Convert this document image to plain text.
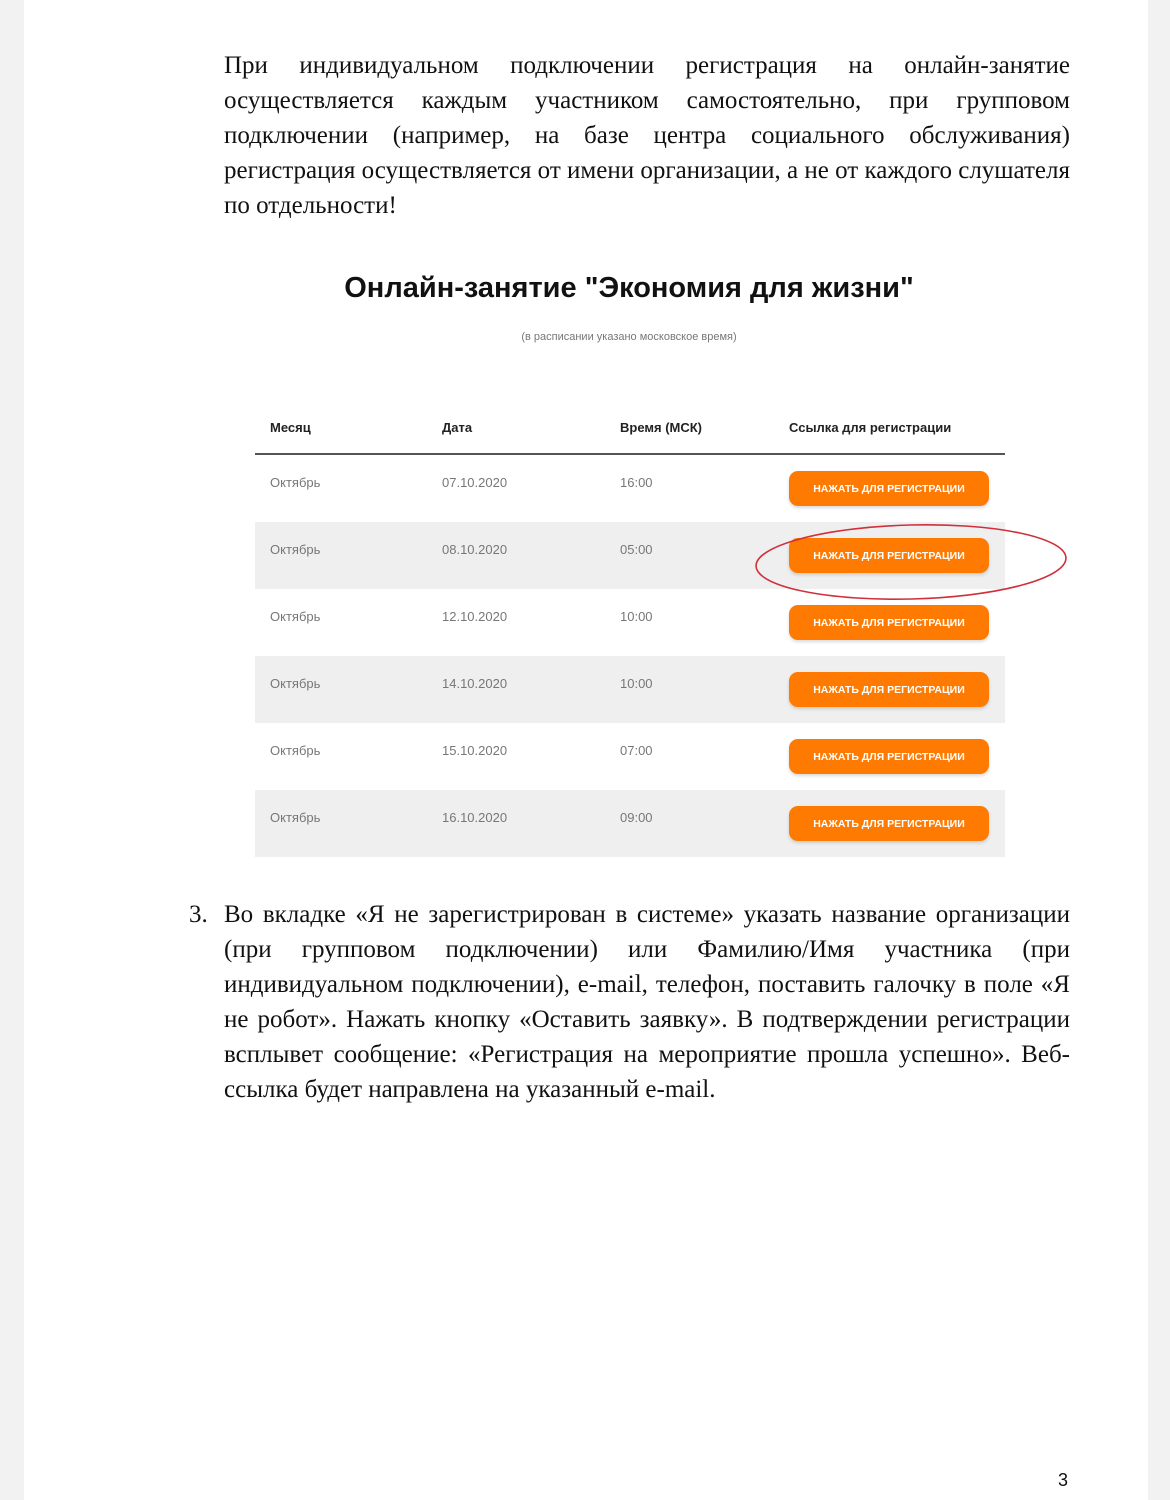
При индивидуальном подключении регистрация на онлайн-занятие осуществляется каждым участником самостоятельно, при групповом подключении (например, на базе центра социального обслуживания) регистрация осуществляется от имени организации, а не от каждого слушателя по отдельности!

Онлайн-занятие "Экономия для жизни"
(в расписании указано московское время)
Месяц	Дата	Время (МСК)	Ссылка для регистрации
Октябрь	07.10.2020	16:00	НАЖАТЬ ДЛЯ РЕГИСТРАЦИИ
Октябрь	08.10.2020	05:00	НАЖАТЬ ДЛЯ РЕГИСТРАЦИИ
Октябрь	12.10.2020	10:00	НАЖАТЬ ДЛЯ РЕГИСТРАЦИИ
Октябрь	14.10.2020	10:00	НАЖАТЬ ДЛЯ РЕГИСТРАЦИИ
Октябрь	15.10.2020	07:00	НАЖАТЬ ДЛЯ РЕГИСТРАЦИИ
Октябрь	16.10.2020	09:00	НАЖАТЬ ДЛЯ РЕГИСТРАЦИИ
3. Во вкладке «Я не зарегистрирован в системе» указать название организации (при групповом подключении) или Фамилию/Имя участника (при индивидуальном подключении), e-mail, телефон, поставить галочку в поле «Я не робот». Нажать кнопку «Оставить заявку». В подтверждении регистрации всплывет сообщение: «Регистрация на мероприятие прошла успешно». Веб-ссылка будет направлена на указанный e-mail.

3
